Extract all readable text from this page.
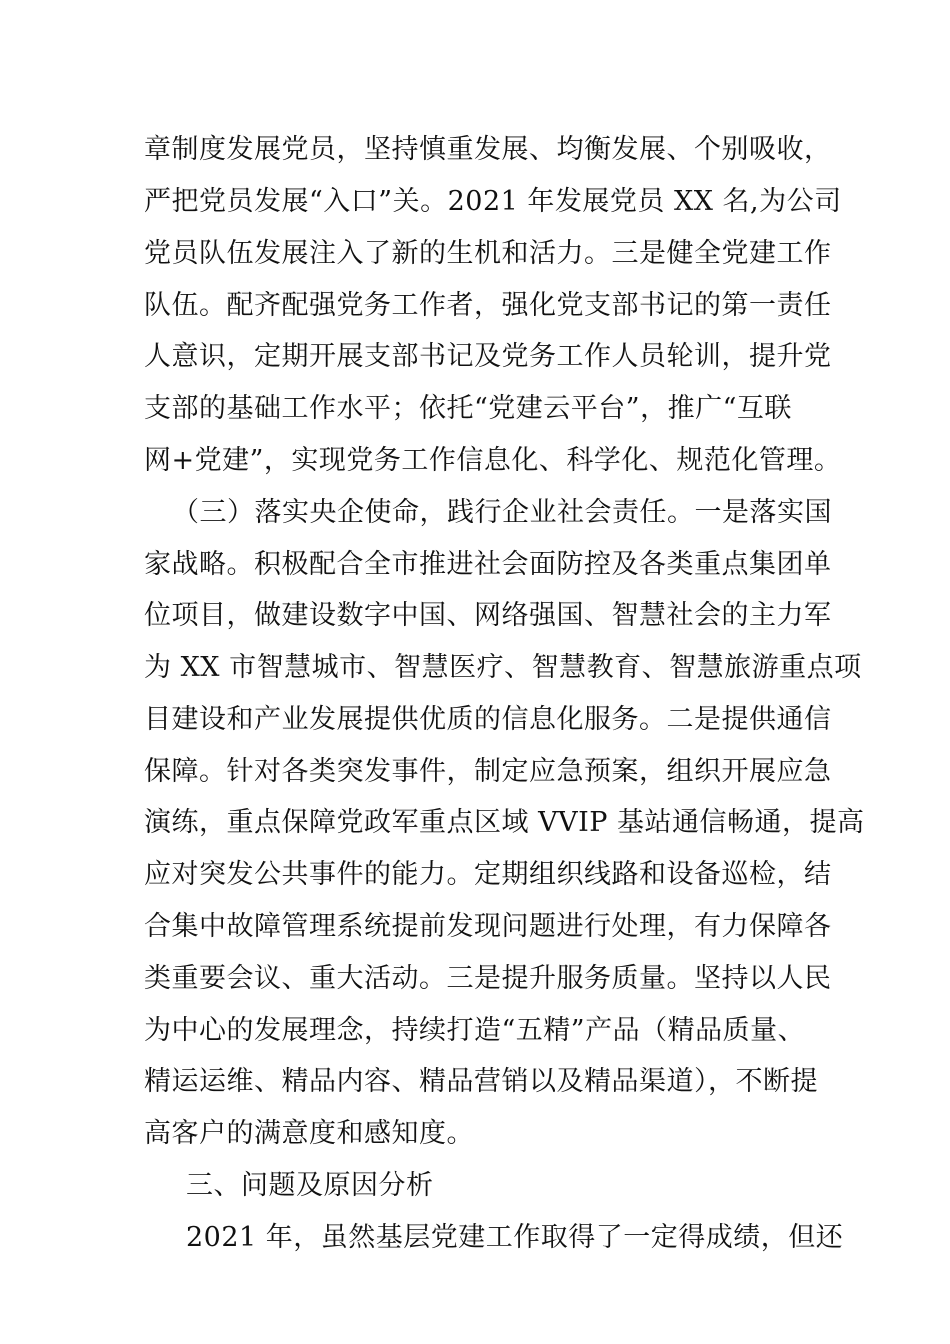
章制度发展党员，坚持慎重发展、均衡发展、个别吸收，
严把党员发展“入口”关。2021 年发展党员 XX 名,为公司
党员队伍发展注入了新的生机和活力。三是健全党建工作
队伍。配齐配强党务工作者，强化党支部书记的第一责任
人意识，定期开展支部书记及党务工作人员轮训，提升党
支部的基础工作水平；依托“党建云平台”，推广“互联
网+党建”，实现党务工作信息化、科学化、规范化管理。
（三）落实央企使命，践行企业社会责任。一是落实国
家战略。积极配合全市推进社会面防控及各类重点集团单
位项目，做建设数字中国、网络强国、智慧社会的主力军
为 XX 市智慧城市、智慧医疗、智慧教育、智慧旅游重点项
目建设和产业发展提供优质的信息化服务。二是提供通信
保障。针对各类突发事件，制定应急预案，组织开展应急
演练，重点保障党政军重点区域 VVIP 基站通信畅通，提高
应对突发公共事件的能力。定期组织线路和设备巡检，结
合集中故障管理系统提前发现问题进行处理，有力保障各
类重要会议、重大活动。三是提升服务质量。坚持以人民
为中心的发展理念，持续打造“五精”产品（精品质量、
精运运维、精品内容、精品营销以及精品渠道），不断提
高客户的满意度和感知度。
三、问题及原因分析
2021 年，虽然基层党建工作取得了一定得成绩，但还
